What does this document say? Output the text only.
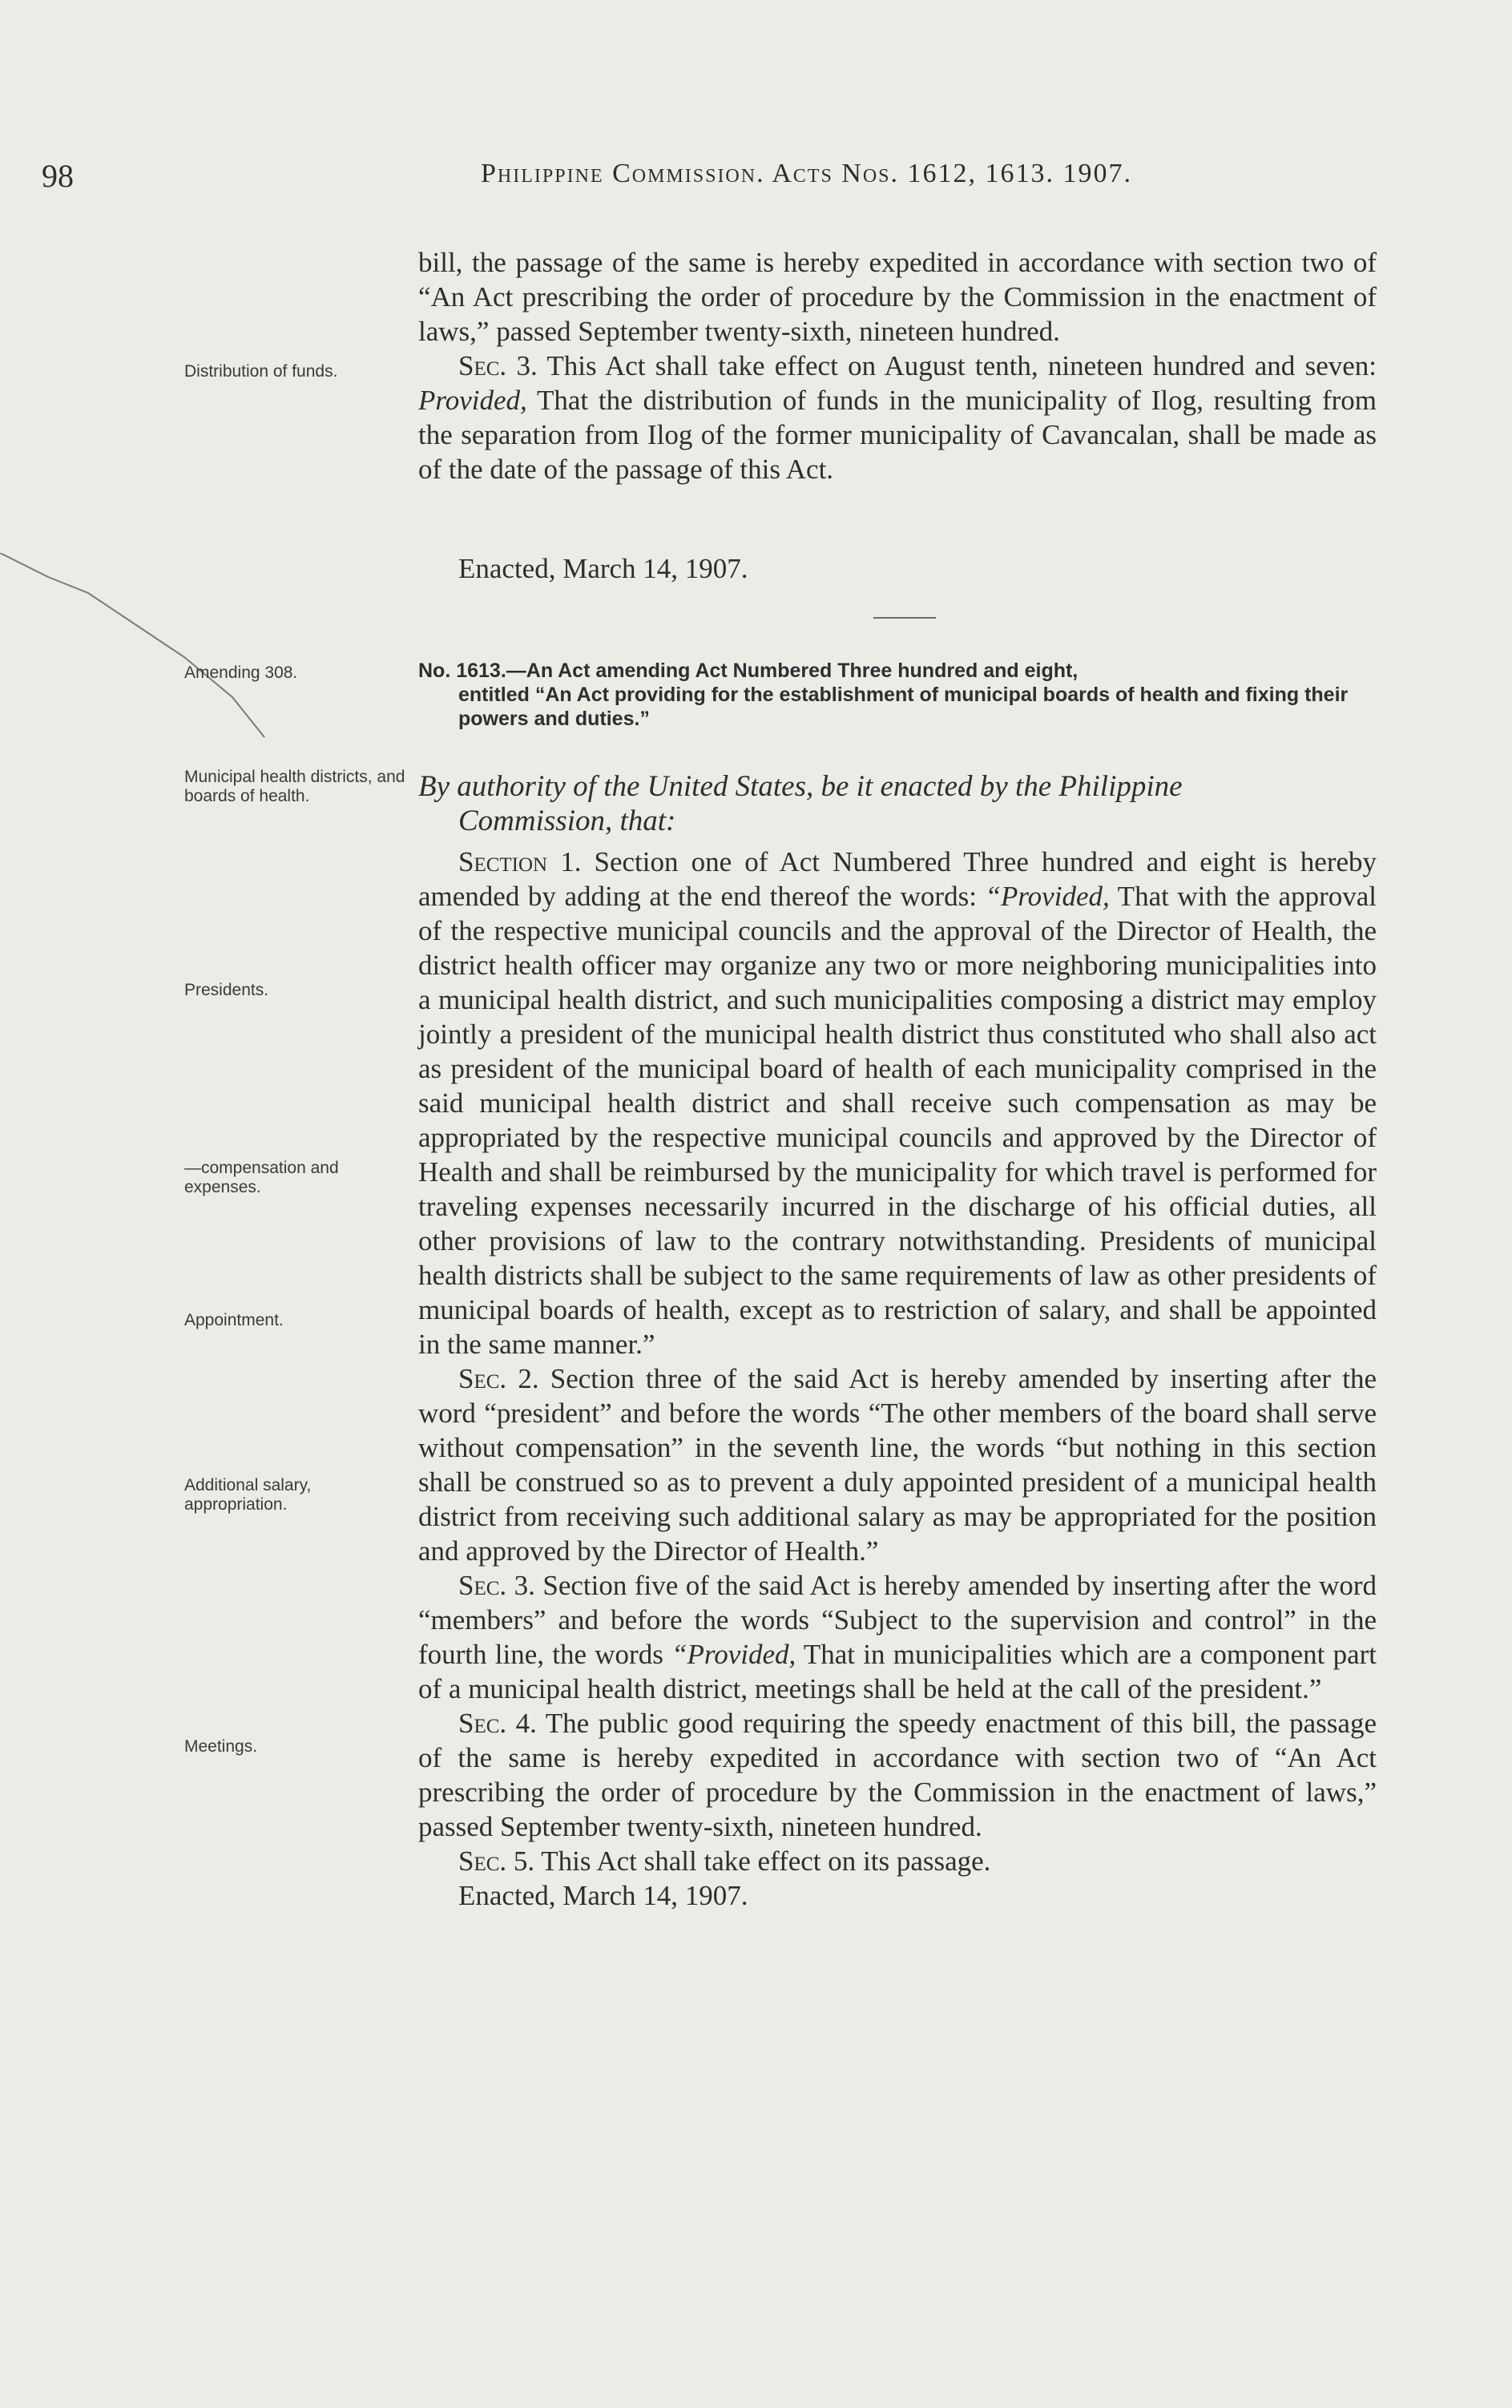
98	Philippine Commission. Acts Nos. 1612, 1613. 1907.

bill, the passage of the same is hereby expedited in accordance with section two of “An Act prescribing the order of procedure by the Commission in the enactment of laws,” passed September twenty-sixth, nineteen hundred.

Sec. 3. This Act shall take effect on August tenth, nineteen hundred and seven: Provided, That the distribution of funds in the municipality of Ilog, resulting from the separation from Ilog of the former municipality of Cavancalan, shall be made as of the date of the passage of this Act.

Enacted, March 14, 1907.
No. 1613.—An Act amending Act Numbered Three hundred and eight,
entitled “An Act providing for the establishment of municipal boards of health and fixing their powers and duties.”
By authority of the United States, be it enacted by the Philippine
Commission, that:

Section 1. Section one of Act Numbered Three hundred and eight is hereby amended by adding at the end thereof the words: “Provided, That with the approval of the respective municipal councils and the approval of the Director of Health, the district health officer may organize any two or more neighboring municipalities into a municipal health district, and such municipalities composing a district may employ jointly a president of the municipal health district thus constituted who shall also act as president of the municipal board of health of each municipality comprised in the said municipal health district and shall receive such compensation as may be appropriated by the respective municipal councils and approved by the Director of Health and shall be reimbursed by the municipality for which travel is performed for traveling expenses necessarily incurred in the discharge of his official duties, all other provisions of law to the contrary notwithstanding. Presidents of municipal health districts shall be subject to the same requirements of law as other presidents of municipal boards of health, except as to restriction of salary, and shall be appointed in the same manner.”

Sec. 2. Section three of the said Act is hereby amended by inserting after the word “president” and before the words “The other members of the board shall serve without compensation” in the seventh line, the words “but nothing in this section shall be construed so as to prevent a duly appointed president of a municipal health district from receiving such additional salary as may be appropriated for the position and approved by the Director of Health.”

Sec. 3. Section five of the said Act is hereby amended by inserting after the word “members” and before the words “Subject to the supervision and control” in the fourth line, the words “Provided, That in municipalities which are a component part of a municipal health district, meetings shall be held at the call of the president.”

Sec. 4. The public good requiring the speedy enactment of this bill, the passage of the same is hereby expedited in accordance with section two of “An Act prescribing the order of procedure by the Commission in the enactment of laws,” passed September twenty-sixth, nineteen hundred.

Sec. 5. This Act shall take effect on its passage.

Enacted, March 14, 1907.

Distribution of funds.
Amending 308.
Municipal health districts, and boards of health.
Presidents.
—compensation and expenses.
Appointment.
Additional salary, appropriation.
Meetings.
